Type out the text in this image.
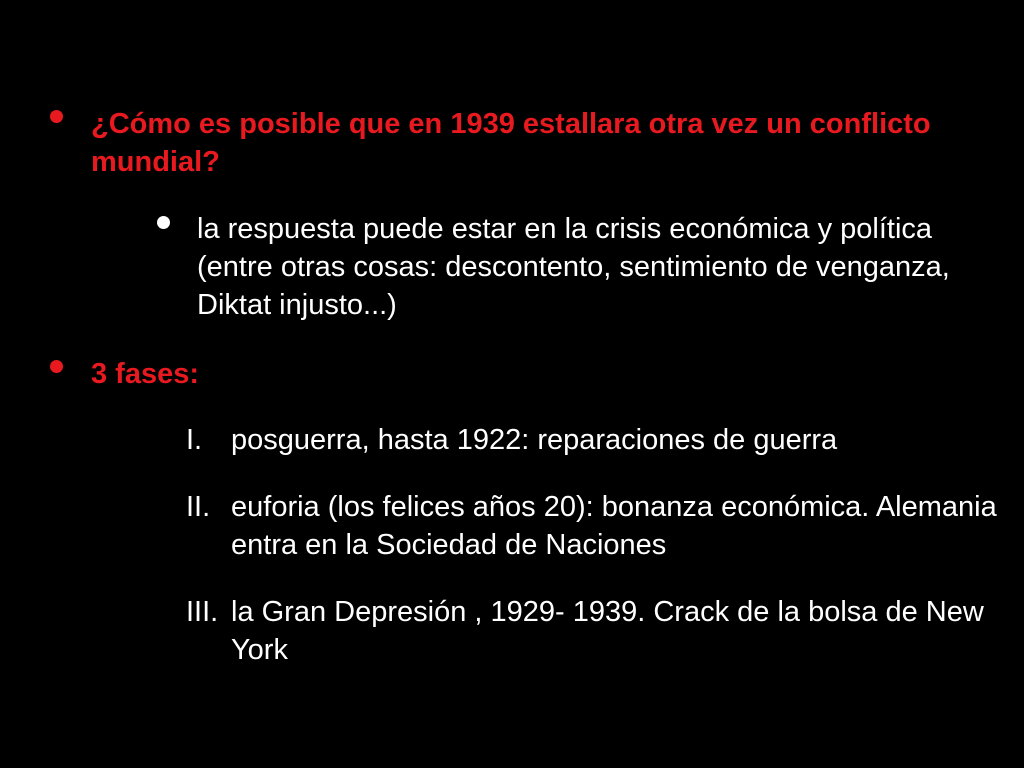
¿Cómo es posible que en 1939 estallara otra vez un conflicto mundial?
la respuesta puede estar en la crisis económica y política (entre otras cosas: descontento, sentimiento de venganza, Diktat injusto...)
3 fases:
I. posguerra, hasta 1922: reparaciones de guerra
II. euforia (los felices años 20): bonanza económica. Alemania entra en la Sociedad de Naciones
III. la Gran Depresión , 1929- 1939. Crack de la bolsa de New York
